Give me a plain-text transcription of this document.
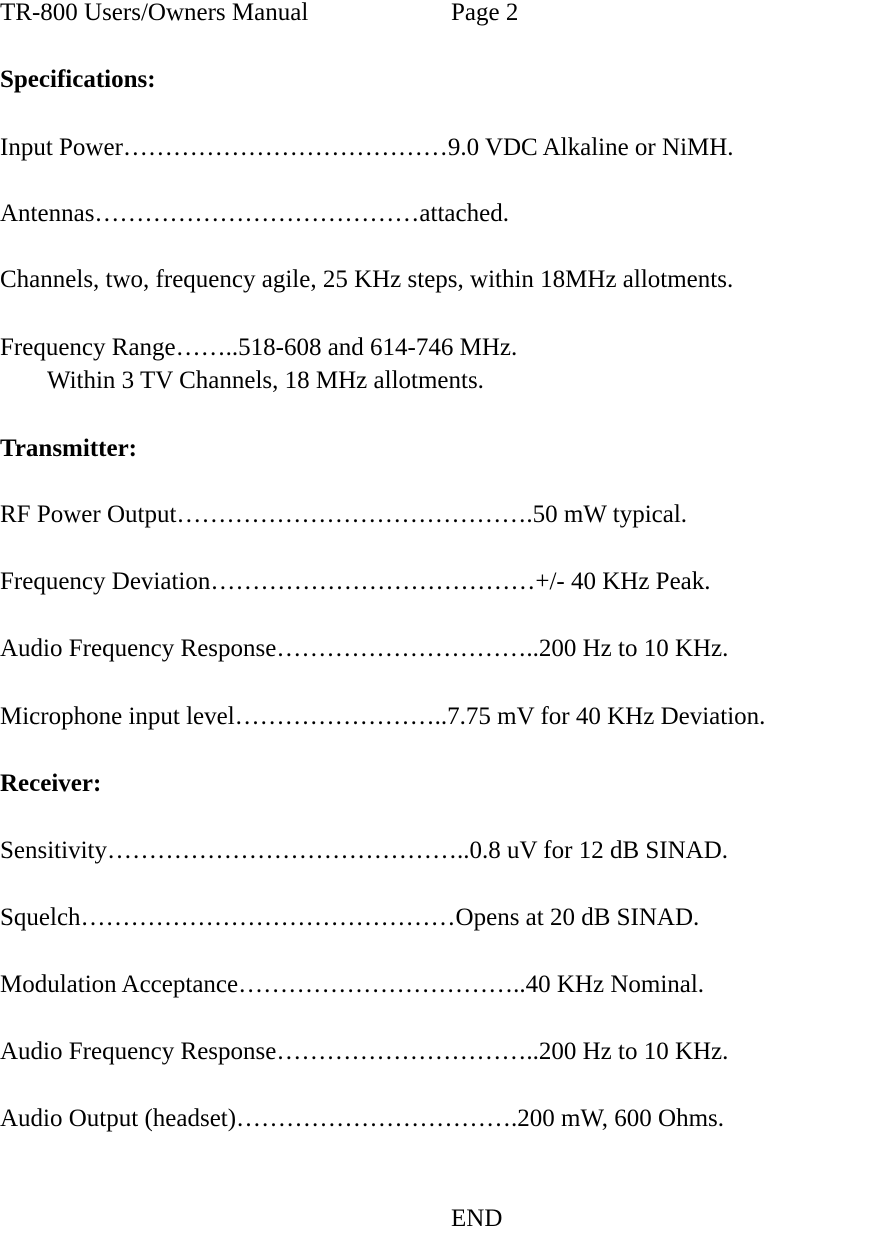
TR-800 Users/Owners Manual	Page 2
Specifications:
Input Power…………………………………9.0 VDC Alkaline or NiMH.
Antennas…………………………………attached.
Channels, two, frequency agile, 25 KHz steps, within 18MHz allotments.
Frequency Range……..518-608 and 614-746 MHz.
Within 3 TV Channels, 18 MHz allotments.
Transmitter:
RF Power Output…………………………………….50 mW typical.
Frequency Deviation…………………………………+/- 40 KHz Peak.
Audio Frequency Response…………………………..200 Hz to 10 KHz.
Microphone input level……………………..7.75 mV for 40 KHz Deviation.
Receiver:
Sensitivity……………………………………..0.8 uV for 12 dB SINAD.
Squelch………………………………………Opens at 20 dB SINAD.
Modulation Acceptance……………………………..40 KHz Nominal.
Audio Frequency Response…………………………..200 Hz to 10 KHz.
Audio Output (headset)…………………………….200 mW, 600 Ohms.
END
